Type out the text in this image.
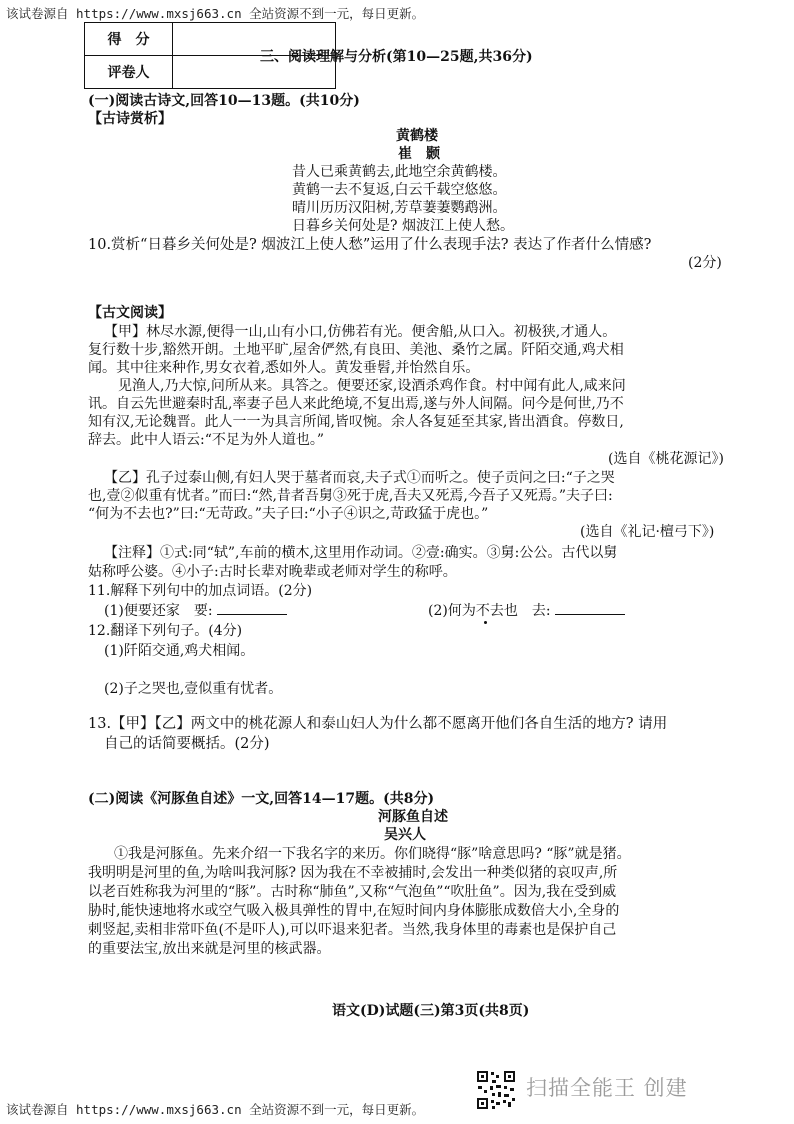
该试卷源自 https://www.mxsj663.cn 全站资源不到一元，每日更新。
得　分	
评卷人	
三、阅读理解与分析(第10—25题,共36分)
(一)阅读古诗文,回答10—13题。(共10分)
【古诗赏析】
黄鹤楼
崔　颢
昔人已乘黄鹤去,此地空余黄鹤楼。
黄鹤一去不复返,白云千载空悠悠。
晴川历历汉阳树,芳草萋萋鹦鹉洲。
日暮乡关何处是? 烟波江上使人愁。
10.赏析“日暮乡关何处是? 烟波江上使人愁”运用了什么表现手法? 表达了作者什么情感?
(2分)
【古文阅读】
【甲】林尽水源,便得一山,山有小口,仿佛若有光。便舍船,从口入。初极狭,才通人。
复行数十步,豁然开朗。土地平旷,屋舍俨然,有良田、美池、桑竹之属。阡陌交通,鸡犬相
闻。其中往来种作,男女衣着,悉如外人。黄发垂髫,并怡然自乐。
　见渔人,乃大惊,问所从来。具答之。便要还家,设酒杀鸡作食。村中闻有此人,咸来问
讯。自云先世避秦时乱,率妻子邑人来此绝境,不复出焉,遂与外人间隔。问今是何世,乃不
知有汉,无论魏晋。此人一一为具言所闻,皆叹惋。余人各复延至其家,皆出酒食。停数日,
辞去。此中人语云:“不足为外人道也。”
(选自《桃花源记》)
【乙】孔子过泰山侧,有妇人哭于墓者而哀,夫子式①而听之。使子贡问之曰:“子之哭
也,壹②似重有忧者。”而曰:“然,昔者吾舅③死于虎,吾夫又死焉,今吾子又死焉。”夫子曰:
“何为不去也?”曰:“无苛政。”夫子曰:“小子④识之,苛政猛于虎也。”
(选自《礼记·檀弓下》)
【注释】①式:同“轼”,车前的横木,这里用作动词。②壹:确实。③舅:公公。古代以舅
姑称呼公婆。④小子:古时长辈对晚辈或老师对学生的称呼。
11.解释下列句中的加点词语。(2分)
(1)便要还家　要:	(2)何为不去也　去:
12.翻译下列句子。(4分)
(1)阡陌交通,鸡犬相闻。
(2)子之哭也,壹似重有忧者。
13.【甲】【乙】两文中的桃花源人和泰山妇人为什么都不愿离开他们各自生活的地方? 请用
自己的话简要概括。(2分)
(二)阅读《河豚鱼自述》一文,回答14—17题。(共8分)
河豚鱼自述
吴兴人
　①我是河豚鱼。先来介绍一下我名字的来历。你们晓得“豚”啥意思吗? “豚”就是猪。
我明明是河里的鱼,为啥叫我河豚? 因为我在不幸被捕时,会发出一种类似猪的哀叹声,所
以老百姓称我为河里的“豚”。古时称“肺鱼”,又称“气泡鱼”“吹肚鱼”。因为,我在受到威
胁时,能快速地将水或空气吸入极具弹性的胃中,在短时间内身体膨胀成数倍大小,全身的
刺竖起,卖相非常吓鱼(不是吓人),可以吓退来犯者。当然,我身体里的毒素也是保护自己
的重要法宝,放出来就是河里的核武器。
语文(D)试题(三)第3页(共8页)
该试卷源自 https://www.mxsj663.cn 全站资源不到一元，每日更新。
扫描全能王 创建
